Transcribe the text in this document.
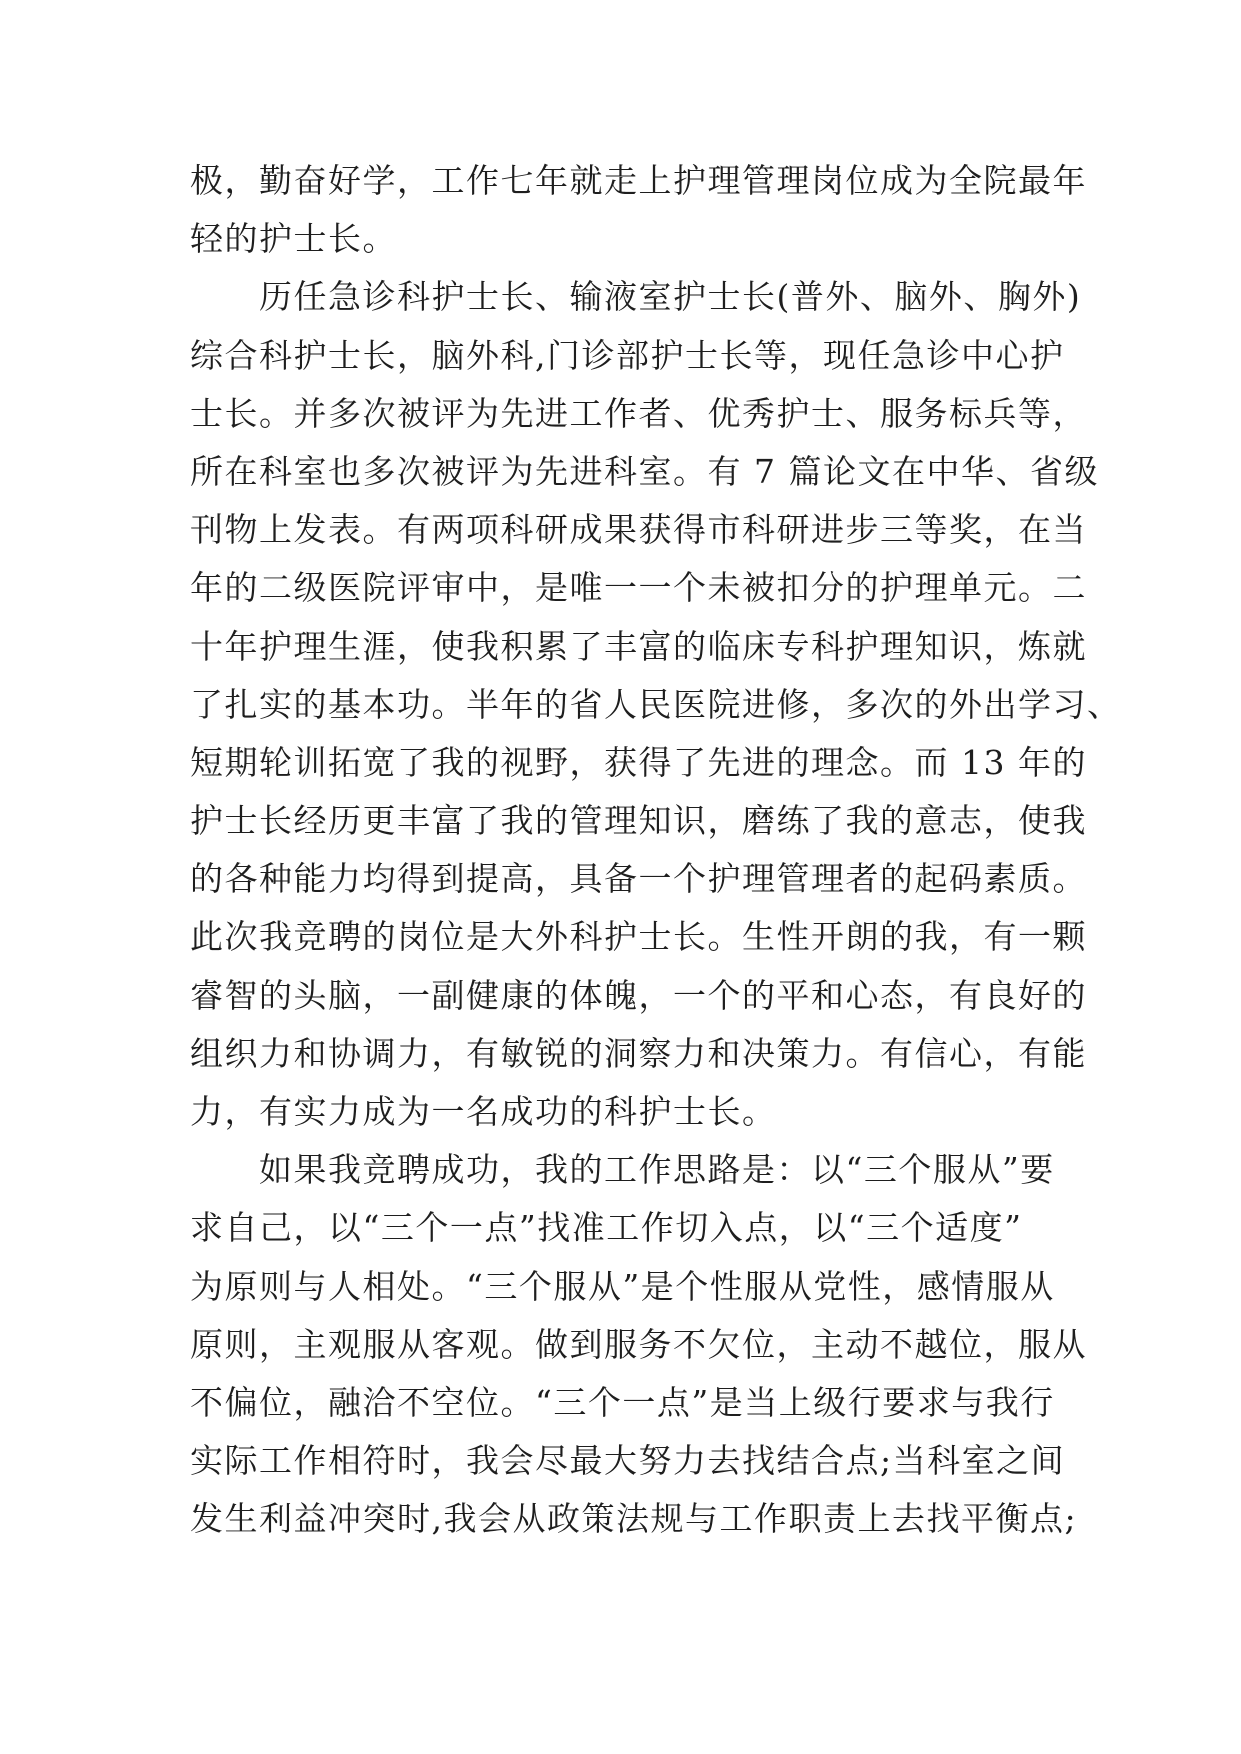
极，勤奋好学，工作七年就走上护理管理岗位成为全院最年
轻的护士长。
　　历任急诊科护士长、输液室护士长(普外、脑外、胸外)
综合科护士长，脑外科,门诊部护士长等，现任急诊中心护
士长。并多次被评为先进工作者、优秀护士、服务标兵等，
所在科室也多次被评为先进科室。有 7 篇论文在中华、省级
刊物上发表。有两项科研成果获得市科研进步三等奖，在当
年的二级医院评审中，是唯一一个未被扣分的护理单元。二
十年护理生涯，使我积累了丰富的临床专科护理知识，炼就
了扎实的基本功。半年的省人民医院进修，多次的外出学习、
短期轮训拓宽了我的视野，获得了先进的理念。而 13 年的
护士长经历更丰富了我的管理知识，磨练了我的意志，使我
的各种能力均得到提高，具备一个护理管理者的起码素质。
此次我竞聘的岗位是大外科护士长。生性开朗的我，有一颗
睿智的头脑，一副健康的体魄，一个的平和心态，有良好的
组织力和协调力，有敏锐的洞察力和决策力。有信心，有能
力，有实力成为一名成功的科护士长。
　　如果我竞聘成功，我的工作思路是：以“三个服从”要
求自己，以“三个一点”找准工作切入点，以“三个适度”
为原则与人相处。“三个服从”是个性服从党性，感情服从
原则，主观服从客观。做到服务不欠位，主动不越位，服从
不偏位，融洽不空位。“三个一点”是当上级行要求与我行
实际工作相符时，我会尽最大努力去找结合点;当科室之间
发生利益冲突时,我会从政策法规与工作职责上去找平衡点;
